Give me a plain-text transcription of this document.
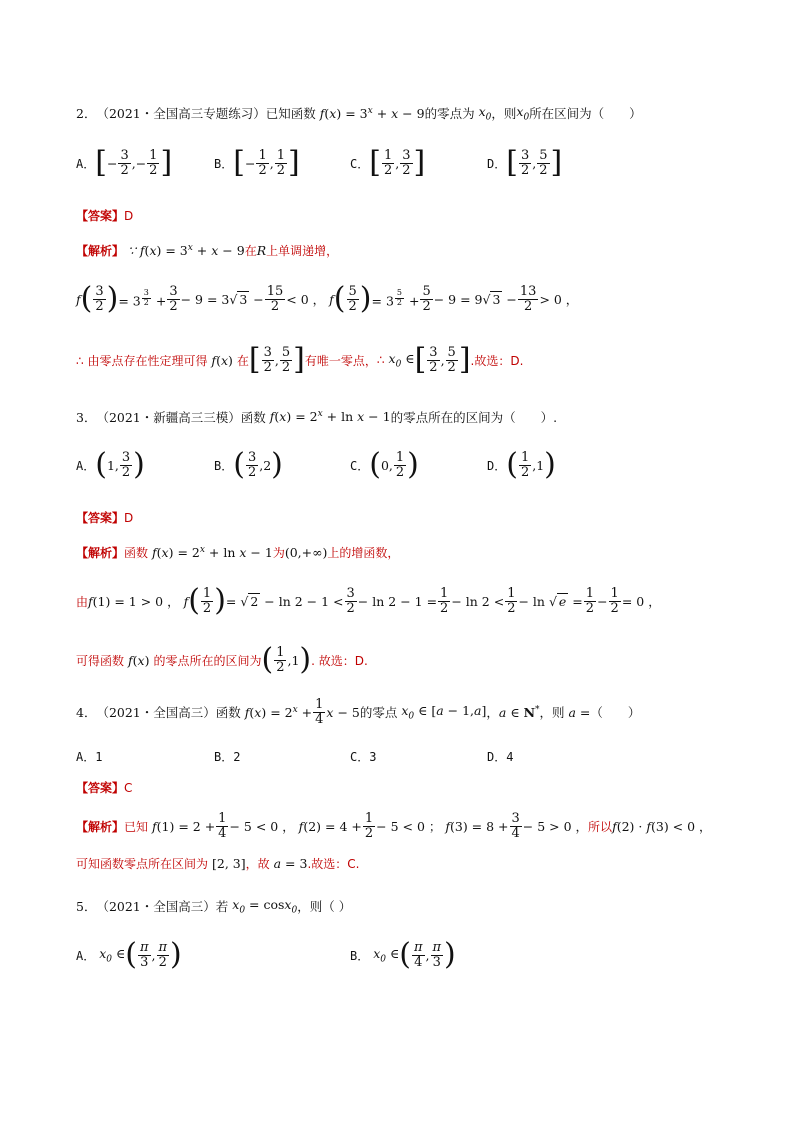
2． （2021・全国高三专题练习） 已知函数 $f(x) = 3^x + x - 9$ 的零点为 $x_0$ ，则 $x_0$ 所在区间为（　　）
A． [ − $\frac{3}{2}$ ,− $\frac{1}{2}$ ]	B． [ − $\frac{1}{2}$ , $\frac{1}{2}$ ]	C． [ $\frac{1}{2}$ , $\frac{3}{2}$ ]	D． [ $\frac{3}{2}$ , $\frac{5}{2}$ ]
【答案】D
【解析】 ∵ $f(x) = 3^x + x - 9$ 在 R 上单调递增，
f ( $\frac{3}{2}$ ) = 3 $^{\frac{3}{2}} + \frac{3}{2} - 9 = 3√$ $3 - \frac{15}{2} < 0$ ， f ( $\frac{5}{2}$ ) = 3 $^{\frac{5}{2}} + \frac{5}{2} - 9 = 9√$ $3 - \frac{13}{2} > 0$ ，
∴ 由零点存在性定理可得 f(x) 在 [ $\frac{3}{2}$ , $\frac{5}{2}$ ] 有唯一零点， ∴ $x_0$ ∈ [ $\frac{3}{2}$ , $\frac{5}{2}$ ] .故选：D.
3． （2021・新疆高三三模） 函数 $f(x) = 2^x + \ln x - 1$ 的零点所在的区间为（　　）.
A． ( 1, $\frac{3}{2}$ )	B． ( $\frac{3}{2} ,2$ )	C． ( 0, $\frac{1}{2}$ )	D． ( $\frac{1}{2} ,1$ )
【答案】D
【解析】 函数 $f(x) = 2^x + \ln x - 1$ 为 (0,+∞) 上的增函数，
由 f(1) = 1 > 0 ， f ( $\frac{1}{2}$ ) = √ $2 - \ln 2 - 1 < \frac{3}{2} - \ln 2 - 1 = \frac{1}{2} - \ln 2 < \frac{1}{2} - \ln$ √ $e = \frac{1}{2} - \frac{1}{2} = 0$ ，
可得函数 f(x) 的零点所在的区间为 ( $\frac{1}{2} ,1$ ) . 故选：D.
4． （2021・全国高三） 函数 $f(x) = 2^x + \frac{1}{4}$ x − 5 的零点 $x_0$ ∈ [a − 1,a] ， a ∈ N* ，则 a = （　　）
A．1	B．2	C．3	D．4
【答案】C
【解析】 已知 $f(1) = 2 + \frac{1}{4} - 5 < 0$ ， $f(2) = 4 + \frac{1}{2} - 5 < 0$ ； $f(3) = 8 + \frac{3}{4} - 5 > 0$ ， 所以 f(2) · f(3) < 0 ，
可知函数零点所在区间为 [2, 3] ，故 a = 3 .故选：C.
5． （2021・全国高三） 若 $x_0 = \cos x_0$ ，则（ ）
A． $x_0$ ∈ ( $\frac{\pi}{3}$ , $\frac{\pi}{2}$ )	B． $x_0$ ∈ ( $\frac{\pi}{4}$ , $\frac{\pi}{3}$ )
